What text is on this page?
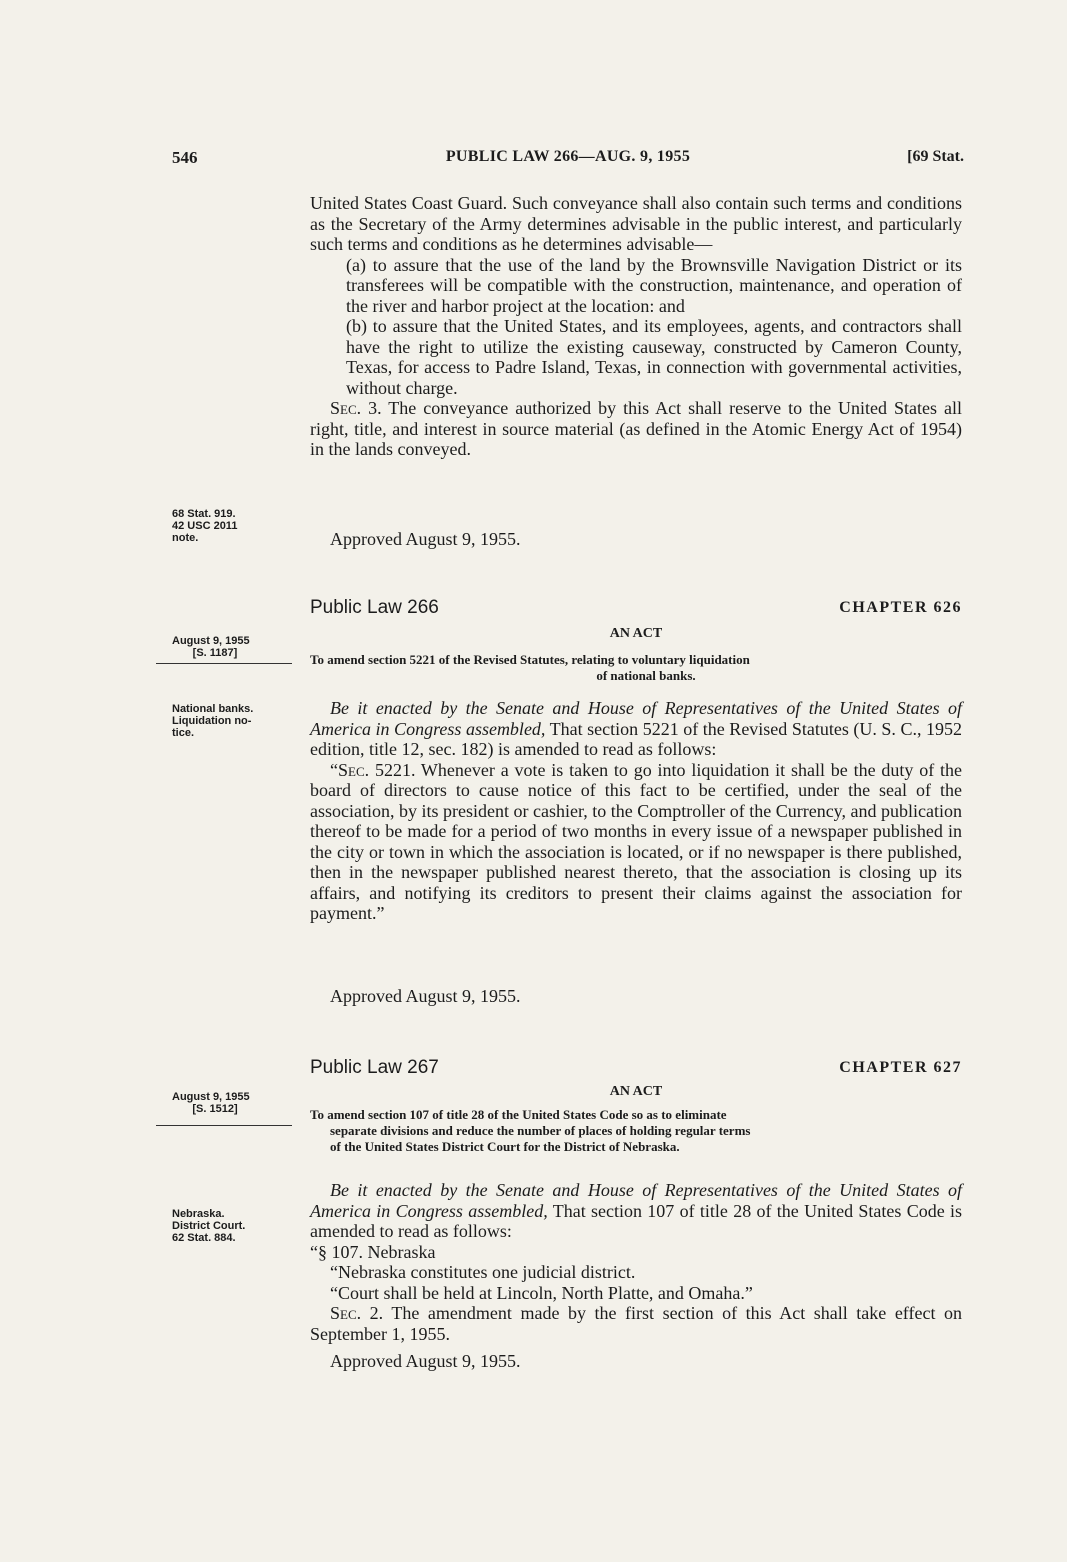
546	PUBLIC LAW 266—AUG. 9, 1955	[69 Stat.

United States Coast Guard. Such conveyance shall also contain such terms and conditions as the Secretary of the Army determines advisable in the public interest, and particularly such terms and conditions as he determines advisable—

(a) to assure that the use of the land by the Brownsville Navigation District or its transferees will be compatible with the construction, maintenance, and operation of the river and harbor project at the location: and

(b) to assure that the United States, and its employees, agents, and contractors shall have the right to utilize the existing causeway, constructed by Cameron County, Texas, for access to Padre Island, Texas, in connection with governmental activities, without charge.

Sec. 3. The conveyance authorized by this Act shall reserve to the United States all right, title, and interest in source material (as defined in the Atomic Energy Act of 1954) in the lands conveyed.

Approved August 9, 1955.
68 Stat. 919.
42 USC 2011
note.
Public Law 266	CHAPTER 626
AN ACT
August 9, 1955
[S. 1187]	To amend section 5221 of the Revised Statutes, relating to voluntary liquidation

of national banks.

National banks.
Liquidation no-
tice.

Be it enacted by the Senate and House of Representatives of the United States of America in Congress assembled, That section 5221 of the Revised Statutes (U. S. C., 1952 edition, title 12, sec. 182) is amended to read as follows:

“Sec. 5221. Whenever a vote is taken to go into liquidation it shall be the duty of the board of directors to cause notice of this fact to be certified, under the seal of the association, by its president or cashier, to the Comptroller of the Currency, and publication thereof to be made for a period of two months in every issue of a newspaper published in the city or town in which the association is located, or if no newspaper is there published, then in the newspaper published nearest thereto, that the association is closing up its affairs, and notifying its creditors to present their claims against the association for payment.”

Approved August 9, 1955.
Public Law 267	CHAPTER 627
AN ACT
August 9, 1955
[S. 1512]	To amend section 107 of title 28 of the United States Code so as to eliminate

separate divisions and reduce the number of places of holding regular terms

of the United States District Court for the District of Nebraska.

Nebraska.
District Court.
62 Stat. 884.

Be it enacted by the Senate and House of Representatives of the United States of America in Congress assembled, That section 107 of title 28 of the United States Code is amended to read as follows:

“§ 107. Nebraska

“Nebraska constitutes one judicial district.

“Court shall be held at Lincoln, North Platte, and Omaha.”

Sec. 2. The amendment made by the first section of this Act shall take effect on September 1, 1955.

Approved August 9, 1955.
